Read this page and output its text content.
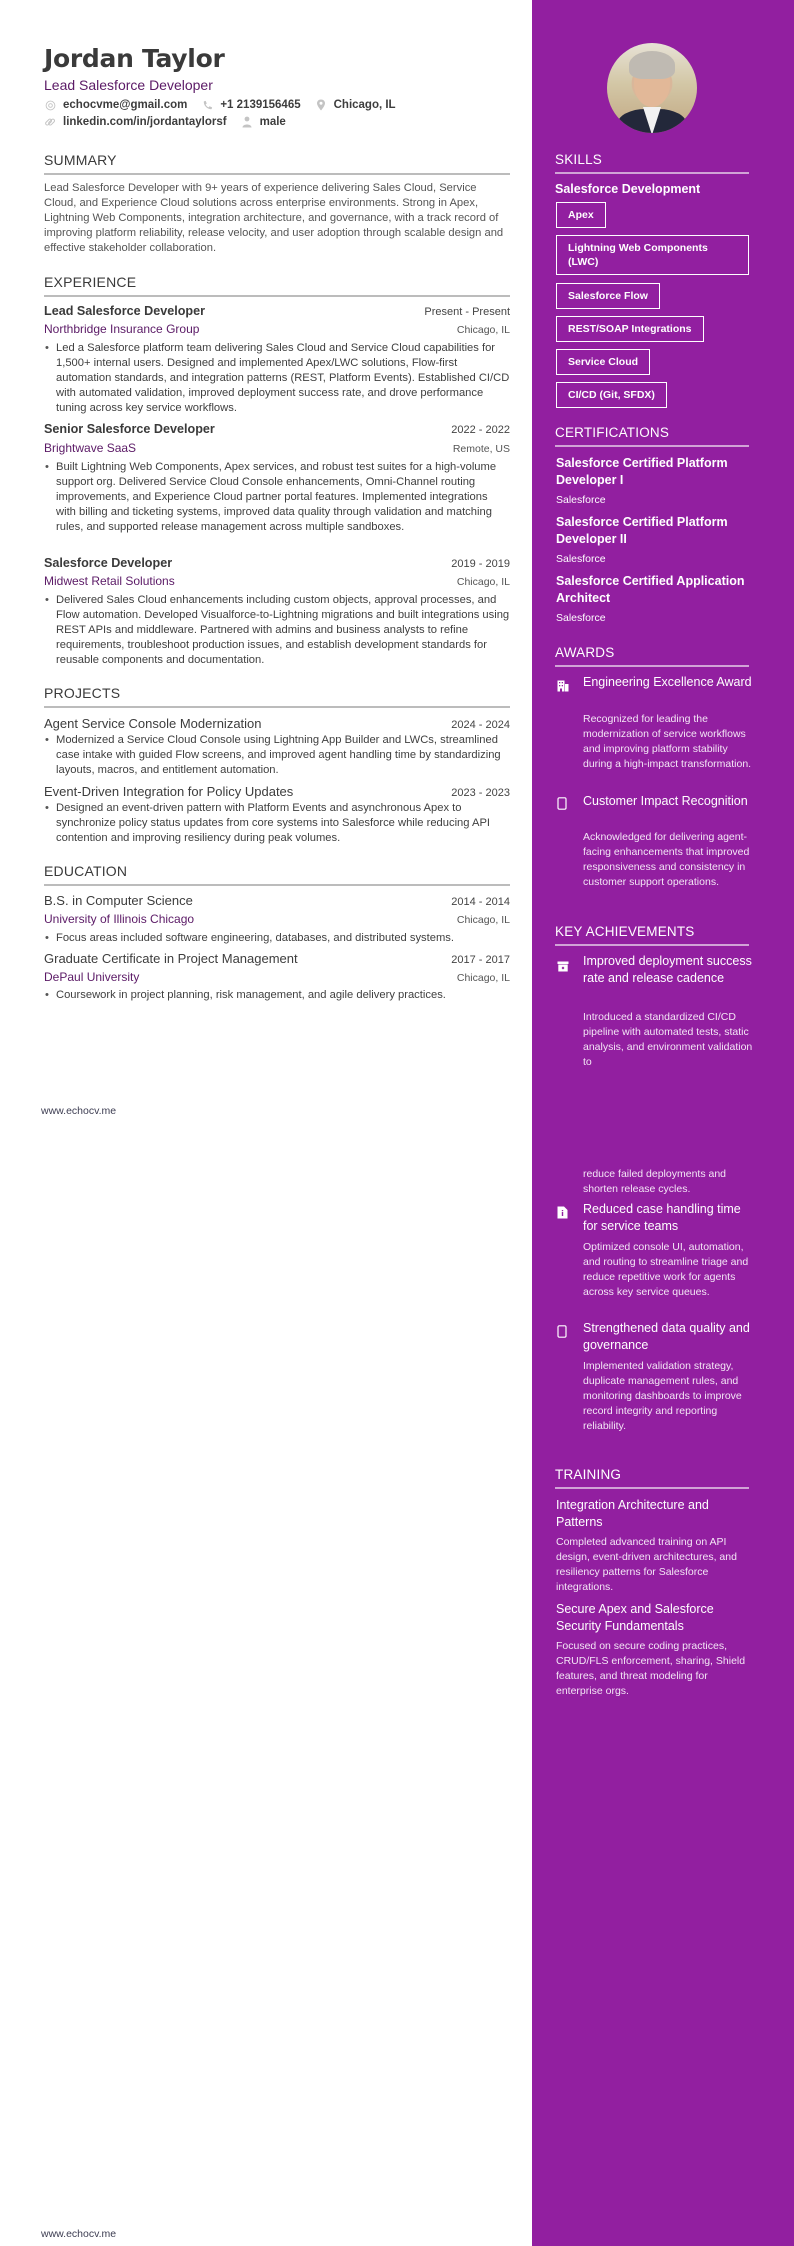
Jordan Taylor
Lead Salesforce Developer
echocvme@gmail.com	+1 2139156465	Chicago, IL
linkedin.com/in/jordantaylorsf	male
SUMMARY
Lead Salesforce Developer with 9+ years of experience delivering Sales Cloud, Service Cloud, and Experience Cloud solutions across enterprise environments. Strong in Apex, Lightning Web Components, integration architecture, and governance, with a track record of improving platform reliability, release velocity, and user adoption through scalable design and effective stakeholder collaboration.
EXPERIENCE
Lead Salesforce Developer	Present - Present
Northbridge Insurance Group	Chicago, IL
• Led a Salesforce platform team delivering Sales Cloud and Service Cloud capabilities for 1,500+ internal users. Designed and implemented Apex/LWC solutions, Flow-first automation standards, and integration patterns (REST, Platform Events). Established CI/CD with automated validation, improved deployment success rate, and drove performance tuning across key service workflows.
Senior Salesforce Developer	2022 - 2022
Brightwave SaaS	Remote, US
• Built Lightning Web Components, Apex services, and robust test suites for a high-volume support org. Delivered Service Cloud Console enhancements, Omni-Channel routing improvements, and Experience Cloud partner portal features. Implemented integrations with billing and ticketing systems, improved data quality through validation and matching rules, and supported release management across multiple sandboxes.
Salesforce Developer	2019 - 2019
Midwest Retail Solutions	Chicago, IL
• Delivered Sales Cloud enhancements including custom objects, approval processes, and Flow automation. Developed Visualforce-to-Lightning migrations and built integrations using REST APIs and middleware. Partnered with admins and business analysts to refine requirements, troubleshoot production issues, and establish development standards for reusable components and documentation.
PROJECTS
Agent Service Console Modernization	2024 - 2024
• Modernized a Service Cloud Console using Lightning App Builder and LWCs, streamlined case intake with guided Flow screens, and improved agent handling time by standardizing layouts, macros, and entitlement automation.
Event-Driven Integration for Policy Updates	2023 - 2023
• Designed an event-driven pattern with Platform Events and asynchronous Apex to synchronize policy status updates from core systems into Salesforce while reducing API contention and improving resiliency during peak volumes.
EDUCATION
B.S. in Computer Science	2014 - 2014
University of Illinois Chicago	Chicago, IL
• Focus areas included software engineering, databases, and distributed systems.
Graduate Certificate in Project Management	2017 - 2017
DePaul University	Chicago, IL
• Coursework in project planning, risk management, and agile delivery practices.
www.echocv.me
www.echocv.me
SKILLS
Salesforce Development
Apex
Lightning Web Components (LWC)
Salesforce Flow
REST/SOAP Integrations
Service Cloud
CI/CD (Git, SFDX)
CERTIFICATIONS
Salesforce Certified Platform Developer I
Salesforce
Salesforce Certified Platform Developer II
Salesforce
Salesforce Certified Application Architect
Salesforce
AWARDS
Engineering Excellence Award
Recognized for leading the modernization of service workflows and improving platform stability during a high-impact transformation.
Customer Impact Recognition
Acknowledged for delivering agent-facing enhancements that improved responsiveness and consistency in customer support operations.
KEY ACHIEVEMENTS
Improved deployment success rate and release cadence
Introduced a standardized CI/CD pipeline with automated tests, static analysis, and environment validation to
reduce failed deployments and shorten release cycles.
Reduced case handling time for service teams
Optimized console UI, automation, and routing to streamline triage and reduce repetitive work for agents across key service queues.
Strengthened data quality and governance
Implemented validation strategy, duplicate management rules, and monitoring dashboards to improve record integrity and reporting reliability.
TRAINING
Integration Architecture and Patterns
Completed advanced training on API design, event-driven architectures, and resiliency patterns for Salesforce integrations.
Secure Apex and Salesforce Security Fundamentals
Focused on secure coding practices, CRUD/FLS enforcement, sharing, Shield features, and threat modeling for enterprise orgs.
